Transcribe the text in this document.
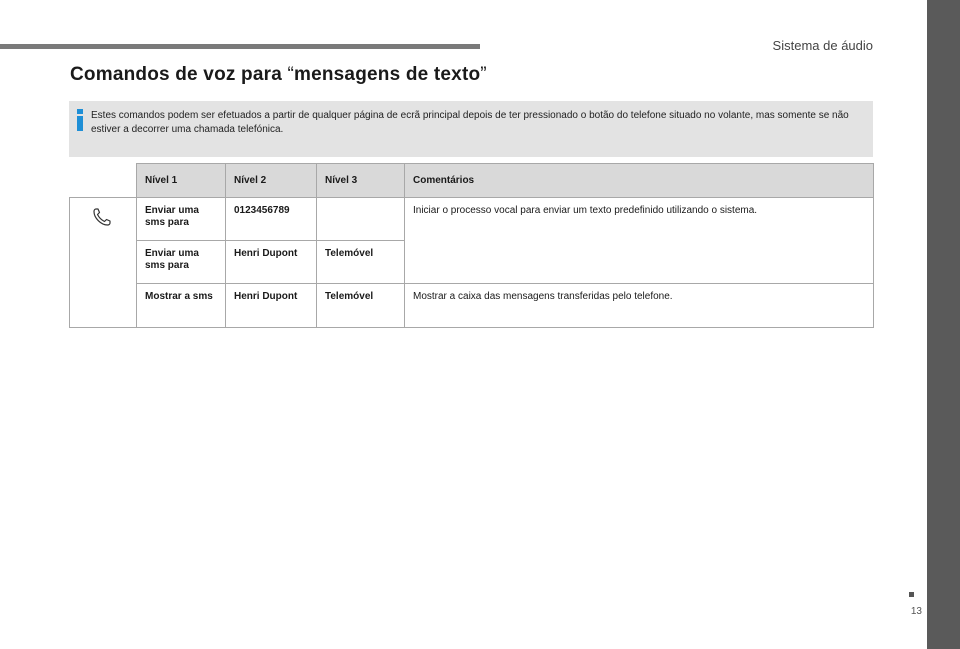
Sistema de áudio
Comandos de voz para “mensagens de texto”
Estes comandos podem ser efetuados a partir de qualquer página de ecrã principal depois de ter pressionado o botão do telefone situado no volante, mas somente se não estiver a decorrer uma chamada telefónica.
	Nível 1	Nível 2	Nível 3	Comentários

	Enviar uma sms para	0123456789		Iniciar o processo vocal para enviar um texto predefinido utilizando o sistema.
	Enviar uma sms para	Henri Dupont	Telemóvel	
	Mostrar a sms	Henri Dupont	Telemóvel	Mostrar a caixa das mensagens transferidas pelo telefone.
13
